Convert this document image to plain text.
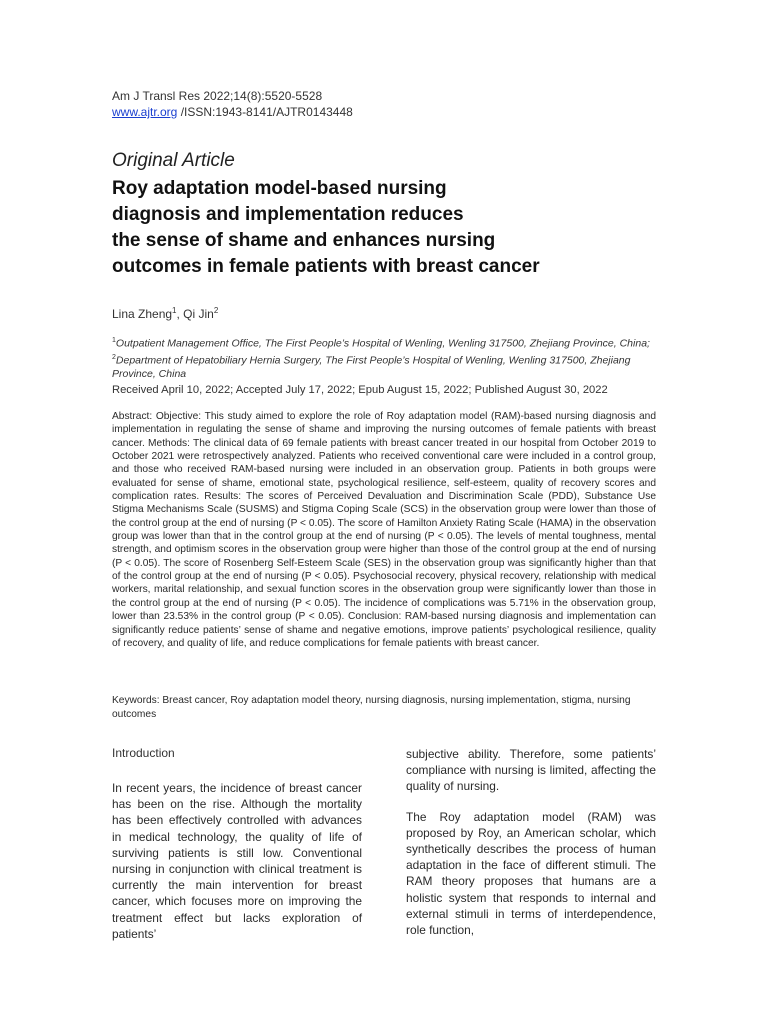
Am J Transl Res 2022;14(8):5520-5528
www.ajtr.org /ISSN:1943-8141/AJTR0143448
Original Article
Roy adaptation model-based nursing
diagnosis and implementation reduces
the sense of shame and enhances nursing
outcomes in female patients with breast cancer
Lina Zheng$^1$, Qi Jin$^2$
$^1$Outpatient Management Office, The First People’s Hospital of Wenling, Wenling 317500, Zhejiang Province, China; $^2$Department of Hepatobiliary Hernia Surgery, The First People’s Hospital of Wenling, Wenling 317500, Zhejiang Province, China
Received April 10, 2022; Accepted July 17, 2022; Epub August 15, 2022; Published August 30, 2022
Abstract: Objective: This study aimed to explore the role of Roy adaptation model (RAM)-based nursing diagnosis and implementation in regulating the sense of shame and improving the nursing outcomes of female patients with breast cancer. Methods: The clinical data of 69 female patients with breast cancer treated in our hospital from October 2019 to October 2021 were retrospectively analyzed. Patients who received conventional care were included in a control group, and those who received RAM-based nursing were included in an observation group. Patients in both groups were evaluated for sense of shame, emotional state, psychological resilience, self-esteem, quality of recovery scores and complication rates. Results: The scores of Perceived Devaluation and Discrimination Scale (PDD), Substance Use Stigma Mechanisms Scale (SUSMS) and Stigma Coping Scale (SCS) in the observation group were lower than those of the control group at the end of nursing (P < 0.05). The score of Hamilton Anxiety Rating Scale (HAMA) in the observation group was lower than that in the control group at the end of nursing (P < 0.05). The levels of mental toughness, mental strength, and optimism scores in the observation group were higher than those of the control group at the end of nursing (P < 0.05). The score of Rosenberg Self-Esteem Scale (SES) in the observation group was significantly higher than that of the control group at the end of nursing (P < 0.05). Psychosocial recovery, physical recovery, relationship with medical workers, marital relationship, and sexual function scores in the observation group were significantly lower than those in the control group at the end of nursing (P < 0.05). The incidence of complications was 5.71% in the observation group, lower than 23.53% in the control group (P < 0.05). Conclusion: RAM-based nursing diagnosis and implementation can significantly reduce patients’ sense of shame and negative emotions, improve patients’ psychological resilience, quality of recovery, and quality of life, and reduce complications for female patients with breast cancer.
Keywords: Breast cancer, Roy adaptation model theory, nursing diagnosis, nursing implementation, stigma, nursing outcomes
Introduction

In recent years, the incidence of breast cancer has been on the rise. Although the mortality has been effectively controlled with advances in medical technology, the quality of life of surviving patients is still low. Conventional nursing in conjunction with clinical treatment is currently the main intervention for breast cancer, which focuses more on improving the treatment effect but lacks exploration of patients’

subjective ability. Therefore, some patients’ compliance with nursing is limited, affecting the quality of nursing.

The Roy adaptation model (RAM) was proposed by Roy, an American scholar, which synthetically describes the process of human adaptation in the face of different stimuli. The RAM theory proposes that humans are a holistic system that responds to internal and external stimuli in terms of interdependence, role function,
